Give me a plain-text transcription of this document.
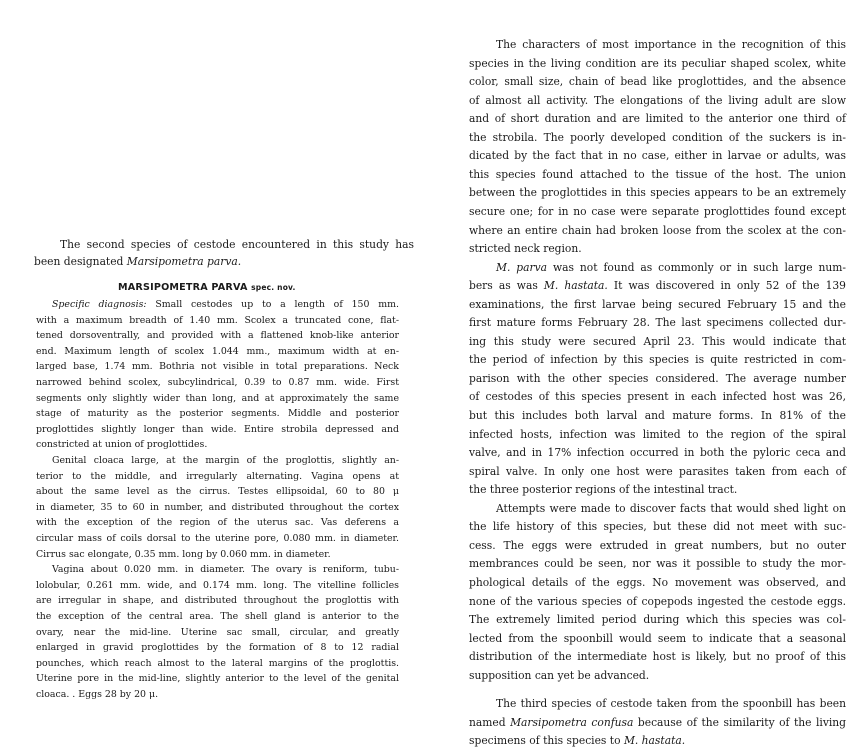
The second species of cestode encountered in this study has
been designated Marsipometra parva.
MARSIPOMETRA PARVA spec. nov.
Specific diagnosis: Small cestodes up to a length of 150 mm.
with a maximum breadth of 1.40 mm. Scolex a truncated cone, flat-
tened dorsoventrally, and provided with a flattened knob-like anterior
end. Maximum length of scolex 1.044 mm., maximum width at en-
larged base, 1.74 mm. Bothria not visible in total preparations. Neck
narrowed behind scolex, subcylindrical, 0.39 to 0.87 mm. wide. First
segments only slightly wider than long, and at approximately the same
stage of maturity as the posterior segments. Middle and posterior
proglottides slightly longer than wide. Entire strobila depressed and
constricted at union of proglottides.
Genital cloaca large, at the margin of the proglottis, slightly an-
terior to the middle, and irregularly alternating. Vagina opens at
about the same level as the cirrus. Testes ellipsoidal, 60 to 80 μ
in diameter, 35 to 60 in number, and distributed throughout the cortex
with the exception of the region of the uterus sac. Vas deferens a
circular mass of coils dorsal to the uterine pore, 0.080 mm. in diameter.
Cirrus sac elongate, 0.35 mm. long by 0.060 mm. in diameter.
Vagina about 0.020 mm. in diameter. The ovary is reniform, tubu-
lolobular, 0.261 mm. wide, and 0.174 mm. long. The vitelline follicles
are irregular in shape, and distributed throughout the proglottis with
the exception of the central area. The shell gland is anterior to the
ovary, near the mid-line. Uterine sac small, circular, and greatly
enlarged in gravid proglottides by the formation of 8 to 12 radial
pounches, which reach almost to the lateral margins of the proglottis.
Uterine pore in the mid-line, slightly anterior to the level of the genital
cloaca. . Eggs 28 by 20 μ.
The characters of most importance in the recognition of this
species in the living condition are its peculiar shaped scolex, white
color, small size, chain of bead like proglottides, and the absence
of almost all activity. The elongations of the living adult are slow
and of short duration and are limited to the anterior one third of
the strobila. The poorly developed condition of the suckers is in-
dicated by the fact that in no case, either in larvae or adults, was
this species found attached to the tissue of the host. The union
between the proglottides in this species appears to be an extremely
secure one; for in no case were separate proglottides found except
where an entire chain had broken loose from the scolex at the con-
stricted neck region.
M. parva was not found as commonly or in such large num-
bers as was M. hastata. It was discovered in only 52 of the 139
examinations, the first larvae being secured February 15 and the
first mature forms February 28. The last specimens collected dur-
ing this study were secured April 23. This would indicate that
the period of infection by this species is quite restricted in com-
parison with the other species considered. The average number
of cestodes of this species present in each infected host was 26,
but this includes both larval and mature forms. In 81% of the
infected hosts, infection was limited to the region of the spiral
valve, and in 17% infection occurred in both the pyloric ceca and
spiral valve. In only one host were parasites taken from each of
the three posterior regions of the intestinal tract.
Attempts were made to discover facts that would shed light on
the life history of this species, but these did not meet with suc-
cess. The eggs were extruded in great numbers, but no outer
membrances could be seen, nor was it possible to study the mor-
phological details of the eggs. No movement was observed, and
none of the various species of copepods ingested the cestode eggs.
The extremely limited period during which this species was col-
lected from the spoonbill would seem to indicate that a seasonal
distribution of the intermediate host is likely, but no proof of this
supposition can yet be advanced.
The third species of cestode taken from the spoonbill has been
named Marsipometra confusa because of the similarity of the living
specimens of this species to M. hastata.
